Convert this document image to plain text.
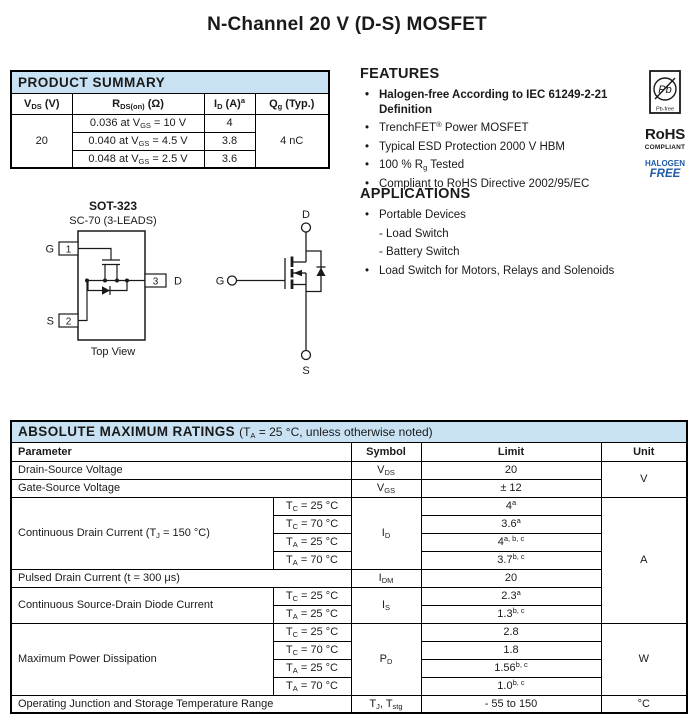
N-Channel 20 V (D-S) MOSFET
PRODUCT SUMMARY			
$V_{DS}$ (V)	$R_{DS(on)}$ (Ω)	$I_D$ $(A)^a$	$Q_g$ (Typ.)
20	0.036 at $V_{GS} = 10$ V	4	4 nC
	0.040 at $V_{GS} = 4.5$ V	3.8	
	0.048 at $V_{GS} = 2.5$ V	3.6	
FEATURES
• Halogen-free According to IEC 61249-2-21 Definition
• TrenchFET® Power MOSFET
• Typical ESD Protection 2000 V HBM
• 100 % $R_g$ Tested
• Compliant to RoHS Directive 2002/95/EC
Pb
Pb-free
RoHS
COMPLIANT
HALOGEN
FREE
APPLICATIONS
• Portable Devices
- Load Switch
- Battery Switch
• Load Switch for Motors, Relays and Solenoids
SOT-323
SC-70 (3-LEADS)
1
G
2
S
3 D
Top View
D
G
S
ABSOLUTE MAXIMUM RATINGS ($T_A = 25$ °C, unless otherwise noted)				
Parameter		Symbol	Limit	Unit
Drain-Source Voltage		$V_{DS}$	20	V
Gate-Source Voltage		$V_{GS}$	± 12	
Continuous Drain Current ($T_J = 150$ °C)	$T_C = 25$ °C	$I_D$	4$^a$	A
	$T_C = 70$ °C		3.6$^a$
	$T_A = 25$ °C		4$^{a, b, c}$
	$T_A = 70$ °C		3.7$^{b, c}$
Pulsed Drain Current (t = 300 μs)		$I_{DM}$	20	
Continuous Source-Drain Diode Current	$T_C = 25$ °C	$I_S$	2.3$^a$
	$T_A = 25$ °C		1.3$^{b, c}$
Maximum Power Dissipation	$T_C = 25$ °C	$P_D$	2.8	W
	$T_C = 70$ °C		1.8	
	$T_A = 25$ °C		1.56$^{b, c}$
	$T_A = 70$ °C		1.0$^{b, c}$
Operating Junction and Storage Temperature Range		$T_J$, $T_{stg}$	- 55 to 150	°C
